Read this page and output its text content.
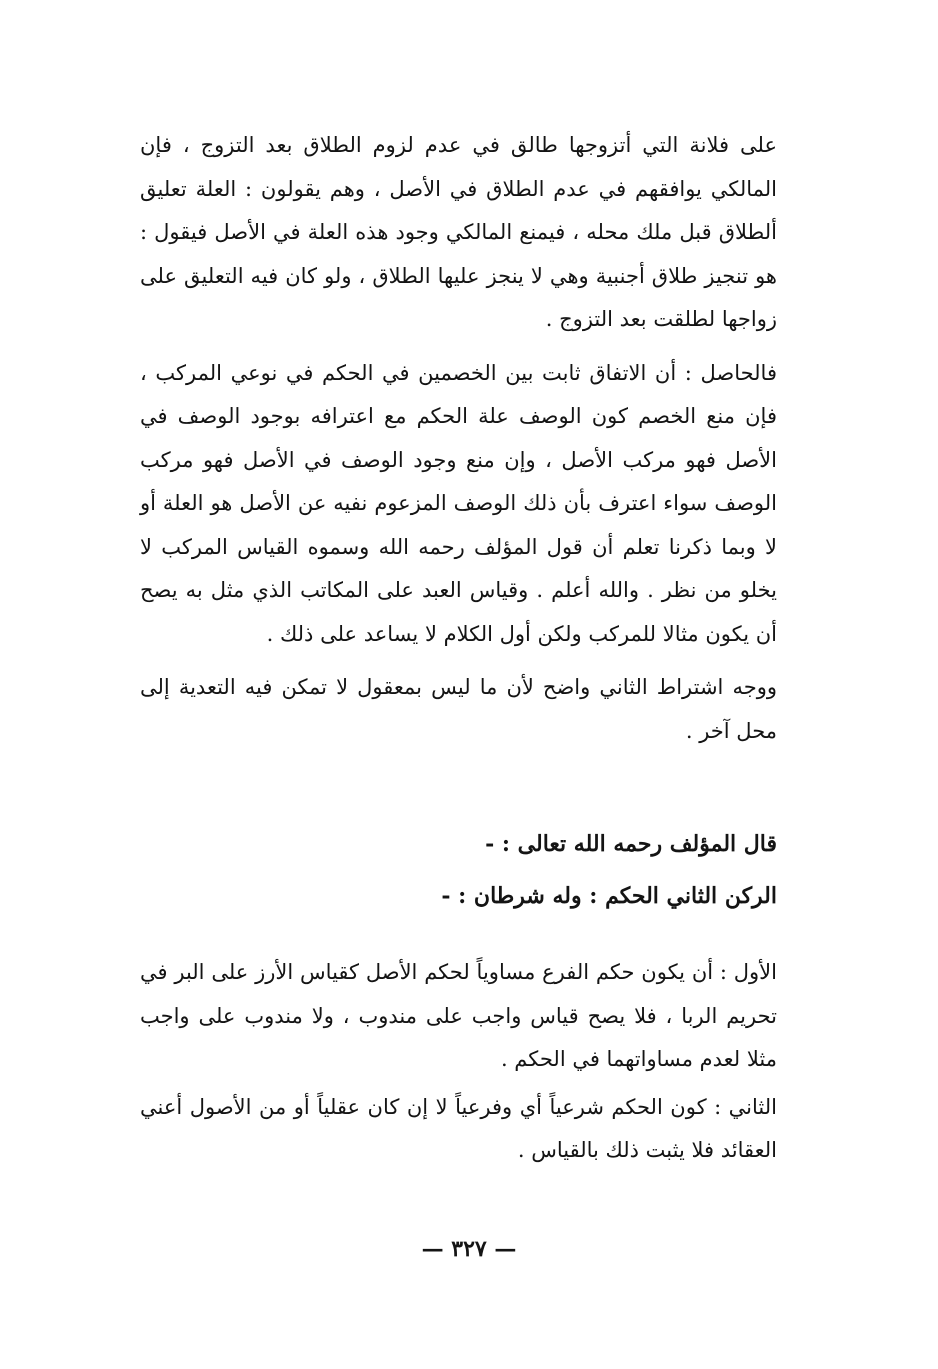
على فلانة التي أتزوجها طالق في عدم لزوم الطلاق بعد التزوج ، فإن المالكي يوافقهم في عدم الطلاق في الأصل ، وهم يقولون : العلة تعليق ألطلاق قبل ملك محله ، فيمنع المالكي وجود هذه العلة في الأصل فيقول : هو تنجيز طلاق أجنبية وهي لا ينجز عليها الطلاق ، ولو كان فيه التعليق على زواجها لطلقت بعد التزوج .

فالحاصل : أن الاتفاق ثابت بين الخصمين في الحكم في نوعي المركب ، فإن منع الخصم كون الوصف علة الحكم مع اعترافه بوجود الوصف في الأصل فهو مركب الأصل ، وإن منع وجود الوصف في الأصل فهو مركب الوصف سواء اعترف بأن ذلك الوصف المزعوم نفيه عن الأصل هو العلة أو لا وبما ذكرنا تعلم أن قول المؤلف رحمه الله وسموه القياس المركب لا يخلو من نظر . والله أعلم . وقياس العبد على المكاتب الذي مثل به يصح أن يكون مثالا للمركب ولكن أول الكلام لا يساعد على ذلك .

ووجه اشتراط الثاني واضح لأن ما ليس بمعقول لا تمكن فيه التعدية إلى محل آخر .

قال المؤلف رحمه الله تعالى : -

الركن الثاني الحكم : وله شرطان : -

الأول : أن يكون حكم الفرع مساوياً لحكم الأصل كقياس الأرز على البر في تحريم الربا ، فلا يصح قياس واجب على مندوب ، ولا مندوب على واجب مثلا لعدم مساواتهما في الحكم .

الثاني : كون الحكم شرعياً أي وفرعياً لا إن كان عقلياً أو من الأصول أعني العقائد فلا يثبت ذلك بالقياس .

— ٣٢٧ —
